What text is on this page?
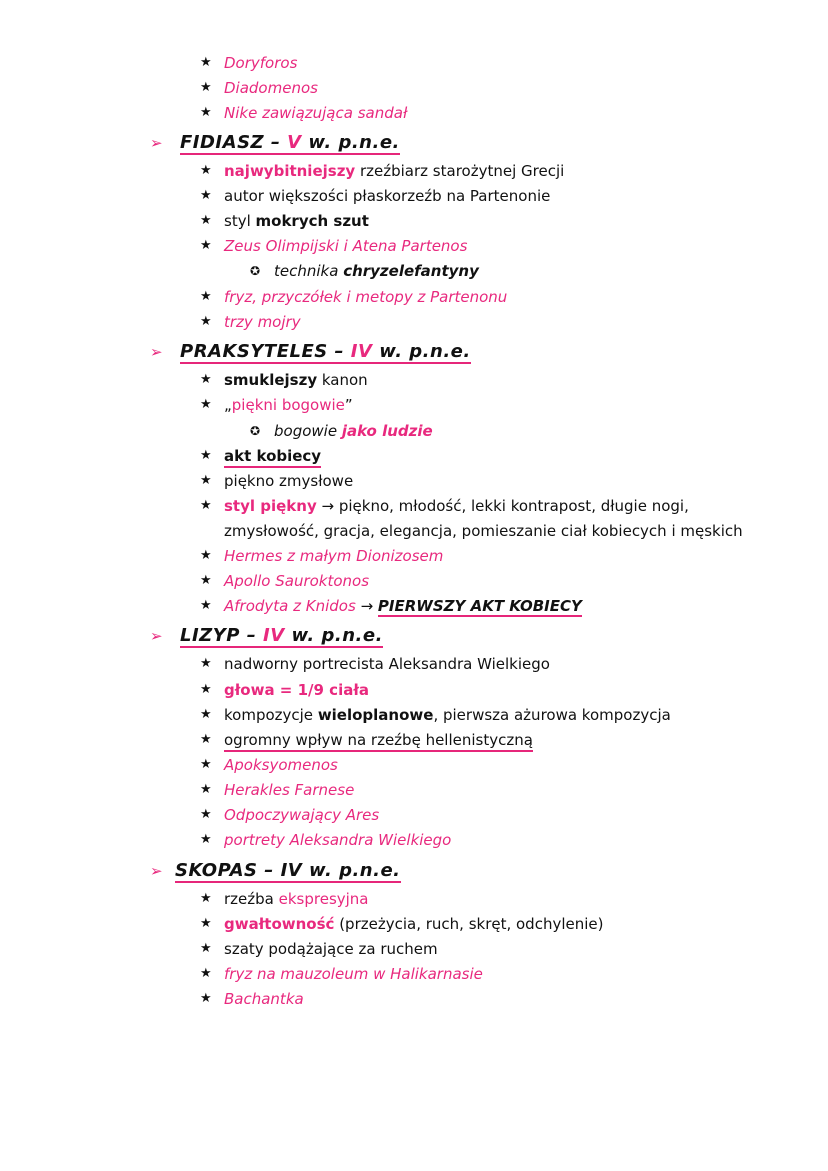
★ Doryforos
★ Diadomenos
★ Nike zawiązująca sandał
➢ FIDIASZ – V w. p.n.e.
★ najwybitniejszy rzeźbiarz starożytnej Grecji
★ autor większości płaskorzeźb na Partenonie
★ styl mokrych szut
★ Zeus Olimpijski i Atena Partenos
✪ technika chryzelefantyny
★ fryz, przyczółek i metopy z Partenonu
★ trzy mojry
➢ PRAKSYTELES – IV w. p.n.e.
★ smuklejszy kanon
★ „piękni bogowie”
✪ bogowie jako ludzie
★ akt kobiecy
★ piękno zmysłowe
★ styl piękny → piękno, młodość, lekki kontrapost, długie nogi,
zmysłowość, gracja, elegancja, pomieszanie ciał kobiecych i męskich
★ Hermes z małym Dionizosem
★ Apollo Sauroktonos
★ Afrodyta z Knidos → PIERWSZY AKT KOBIECY
➢ LIZYP – IV w. p.n.e.
★ nadworny portrecista Aleksandra Wielkiego
★ głowa = 1/9 ciała
★ kompozycje wieloplanowe, pierwsza ażurowa kompozycja
★ ogromny wpływ na rzeźbę hellenistyczną
★ Apoksyomenos
★ Herakles Farnese
★ Odpoczywający Ares
★ portrety Aleksandra Wielkiego
➢ SKOPAS – IV w. p.n.e.
★ rzeźba ekspresyjna
★ gwałtowność (przeżycia, ruch, skręt, odchylenie)
★ szaty podążające za ruchem
★ fryz na mauzoleum w Halikarnasie
★ Bachantka
